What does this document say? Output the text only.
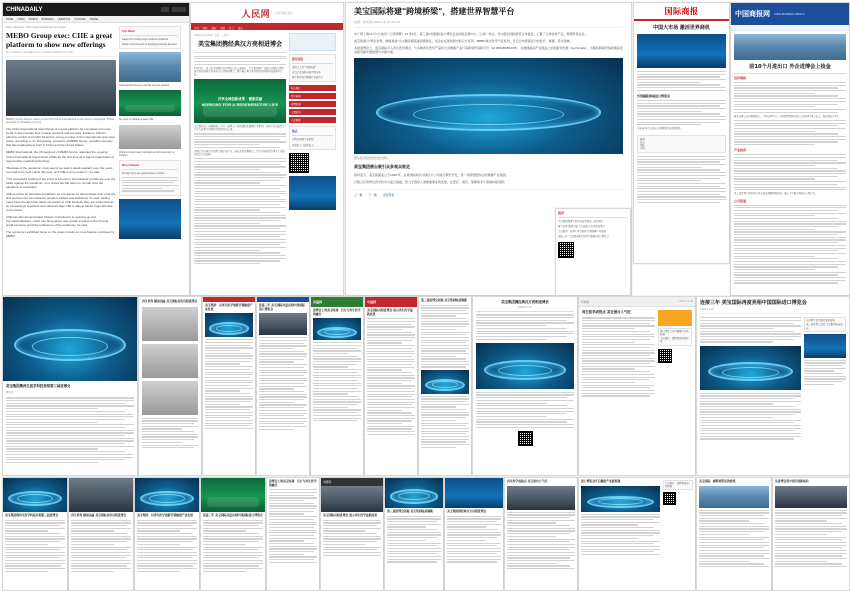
CHINADAILY
HOME CHINA WORLD BUSINESS LIFESTYLE CULTURE TRAVEL
Home / Business / Third China International Import Expo
MEBO Group exec: CIIE a great platform to show new offerings
By Liu Zhihua | chinadaily.com.cn | Updated: 2020-11-07 17:00
MEBO's booth attracts visitors at the third China International Import Expo in Shanghai. [Photo provided to chinadaily.com.cn]
The China International Import Expo is a great platform for companies from the world to demonstrate their newest products and services, thanks to China's effective control of COVID-19 and its strong promise to the international open-door policy, according to Xu Rongxiang, president of MEBO Group, a health company that has headquarters both in China and the United States.
MEBO International, the US segment of MEBO Group, attended the ongoing China International Import Expo (CIIE) for the first time as a signal organization of regenerative medical technology.
"Because of the pandemic, most teams we said in detail regularly over the years now had to be held online this year, and CIIE is an exception," Xu said.
"The successful holding of the event is a boost to international confidence over the battle against the pandemic, so it shows life will return to normal once the pandemic is controlled."
CIIE provides an educational platform for companies to demonstrate their products and services but can enhance people's welfare and livelihood, Xu said, adding many have brought their latest innovation to CIIE because they are aware that as an increasingly important international stage CIIE is able to attract huge attention to the world.
CIIE has also demonstrated China's commitment to opening-up and internationalization, which can bring about new growth impetus to the thriving world economy amid the turbulence of the pandemic, he said.
The economy's exhibited focus on the areas include its more feature continues by MEBO.
Top News
Gaps of 37 cutting-edge vaccines produced
Nation to be focused on boosting domestic demand
Netherlands first-ever road 3D-element mission
Six cups of multiple at least CIIE
China's foreign trade maintains growth momentum in October
Most Viewed
Foreign firms see opportunities in China
人民网 人民日报社主办
首页 时政 国际 财经 社会 法治
2020年11月09日 来源：人民网
美宝集团携经典汉方亮相进博会
11月5日，第三届中国国际进口博览会在上海举行。美宝集团旗下美国美宝国际以再生医学科技创新企业身份首次亮相进博会，集中展示再生医学领域的创新科技成果与产品。
共享全球创新成果 · 健康美丽
WORKING FOR A REGENERATIVE LIFE
美宝集团是一家集科研、生产、销售于一体的国际化健康产业集团，自创立以来始终专注于人体再生复原科学的研究与应用。
进博会为全球企业提供了展示新产品、新技术的重要窗口，也为中国消费者带来了更加丰富多元的选择。
推荐阅读
进博会上的"中国机遇"
外资企业加码布局中国市场
再生医学成为健康产业新风口
热点排行
图片新闻
视频报道
专题策划
人民健康
热点
消费升级催生新供给
开放的大门越开越大
美宝国际将建"跨境桥梁"，搭建世界智慧平台
来源：新华网 2020-11-07 09:14
中广网上海11月7日电讯（记者周辉）11月6日，第三届中国国际进口博览会在国家会展中心（上海）举行，作为吸引国际经贸合作盛会，汇聚了全球优质产品，展现贸易企业。
美宝集团以"再生世界、健康美丽"为主题亮相高端消费展区，该企业在现场展出的汉方系列、MEBO再生医学产品系列，开启合作经销活力的医疗、健康、养生领域。
本届进博会上，美宝国际引入再生医学理念，与多种再生医学产品和大众健康产业打造跨境贸易新平台（GI REGENERATE），在健康美丽产业链条上的创新和发展（Gymnate），为服务跨境贸易的国际化进程贡献中国智慧与中国方案。
图为美宝集团进博会展台现场。
美宝集团展台吸引众多观众驻足
资料显示，美宝集团成立于1987年，在原国际知名中国汉方公司进行研究开发，是一家跨国型综合的健康产业集团。
以整合应用再生医学技术为复合基础，致力于推动人类健康事业的发展，在医疗、美容、保健等多个领域持续创新。
上一篇 下一篇 返回列表
推荐
美宝集团携再生医学科技亮相第三届进博会
再生世界 健康美丽 美宝国际首次亮相进博会
美宝集团：以再生医学创新引领健康产业发展
连接三年 美宝国际再度亮相中国国际进口博览会
国际商报
中国大市场 激活世界商机
外资踊跃参展进口博览会
今年前10个月进出口规模创历史同期新高
要闻
综合
国际
市场
中国商报网 CHINA BUSINESS HERALD
前10个月进出口 外企进博会上捡金
经济观察
海关总署公布的数据显示，今年前10个月，我国货物贸易进出口总值25.95万亿元，同比增长1.1%。
产业纵深
第三届进博会按年累计意向成交规模再创新高，展示了中国市场的巨大吸引力。
公司报道
美宝集团携再生医学科技亮相第三届进博会
搜狐网
再生世界 健康美丽 美宝国际首次亮相进博会
美宝集团：以再生医学创新引领健康产业发展
连接三年 美宝国际再度亮相中国国际进口博览会
凤凰网
进博会上的美宝时刻：汉方与再生医学的融合
中国网
美宝国际亮相进博会 展示再生医学最新成果
第三届进博会闭幕 美宝集团收获满满	美宝集团携经典汉方亮相进博会
2020-11-07
环球网	2020-11-08
再生医学成热点 美宝展台人气旺
进口博览会开启健康产业新机遇
美宝国际：做跨境贸易的桥梁
连接三年 美宝国际再度亮相中国国际进口博览会
2020-11-09
从进博会看中国开放新格局
第三届进博会闭幕 美宝集团收获满满
美宝集团携再生医学科技亮相第三届进博会	再生世界 健康美丽 美宝国际首次亮相进博会	美宝集团：以再生医学创新引领健康产业发展	连接三年 美宝国际再度亮相中国国际进口博览会
进博会上的美宝时刻：汉方与再生医学的融合
中国网
美宝国际亮相进博会 展示再生医学最新成果
第三届进博会闭幕 美宝集团收获满满	美宝集团携经典汉方亮相进博会
再生医学成热点 美宝展台人气旺	进口博览会开启健康产业新机遇
美宝国际：做跨境贸易的桥梁
美宝国际：做跨境贸易的桥梁	从进博会看中国开放新格局
